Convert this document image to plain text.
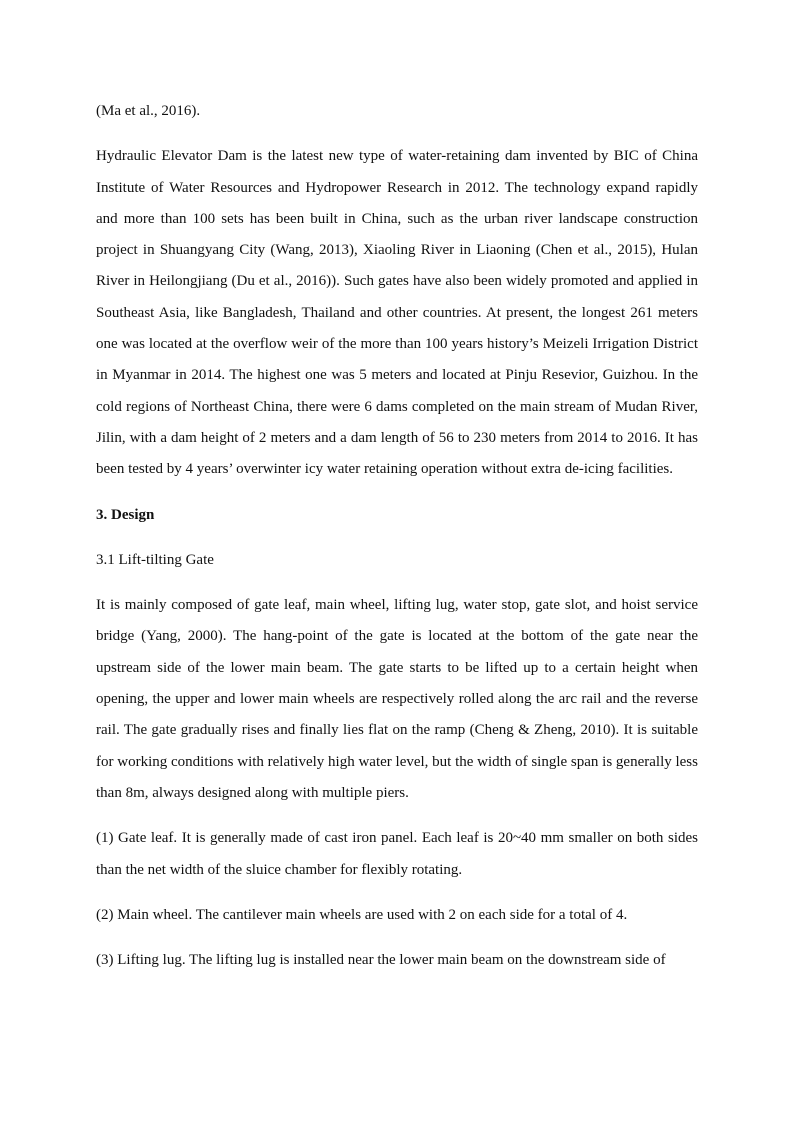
(Ma et al., 2016).

Hydraulic Elevator Dam is the latest new type of water-retaining dam invented by BIC of China Institute of Water Resources and Hydropower Research in 2012. The technology expand rapidly and more than 100 sets has been built in China, such as the urban river landscape construction project in Shuangyang City (Wang, 2013), Xiaoling River in Liaoning (Chen et al., 2015), Hulan River in Heilongjiang (Du et al., 2016)). Such gates have also been widely promoted and applied in Southeast Asia, like Bangladesh, Thailand and other countries. At present, the longest 261 meters one was located at the overflow weir of the more than 100 years history’s Meizeli Irrigation District in Myanmar in 2014. The highest one was 5 meters and located at Pinju Resevior, Guizhou. In the cold regions of Northeast China, there were 6 dams completed on the main stream of Mudan River, Jilin, with a dam height of 2 meters and a dam length of 56 to 230 meters from 2014 to 2016. It has been tested by 4 years’ overwinter icy water retaining operation without extra de-icing facilities.

3. Design
3.1 Lift-tilting Gate

It is mainly composed of gate leaf, main wheel, lifting lug, water stop, gate slot, and hoist service bridge (Yang, 2000). The hang-point of the gate is located at the bottom of the gate near the upstream side of the lower main beam. The gate starts to be lifted up to a certain height when opening, the upper and lower main wheels are respectively rolled along the arc rail and the reverse rail. The gate gradually rises and finally lies flat on the ramp (Cheng & Zheng, 2010). It is suitable for working conditions with relatively high water level, but the width of single span is generally less than 8m, always designed along with multiple piers.

(1) Gate leaf. It is generally made of cast iron panel. Each leaf is 20~40 mm smaller on both sides than the net width of the sluice chamber for flexibly rotating.

(2) Main wheel. The cantilever main wheels are used with 2 on each side for a total of 4.

(3) Lifting lug. The lifting lug is installed near the lower main beam on the downstream side of
